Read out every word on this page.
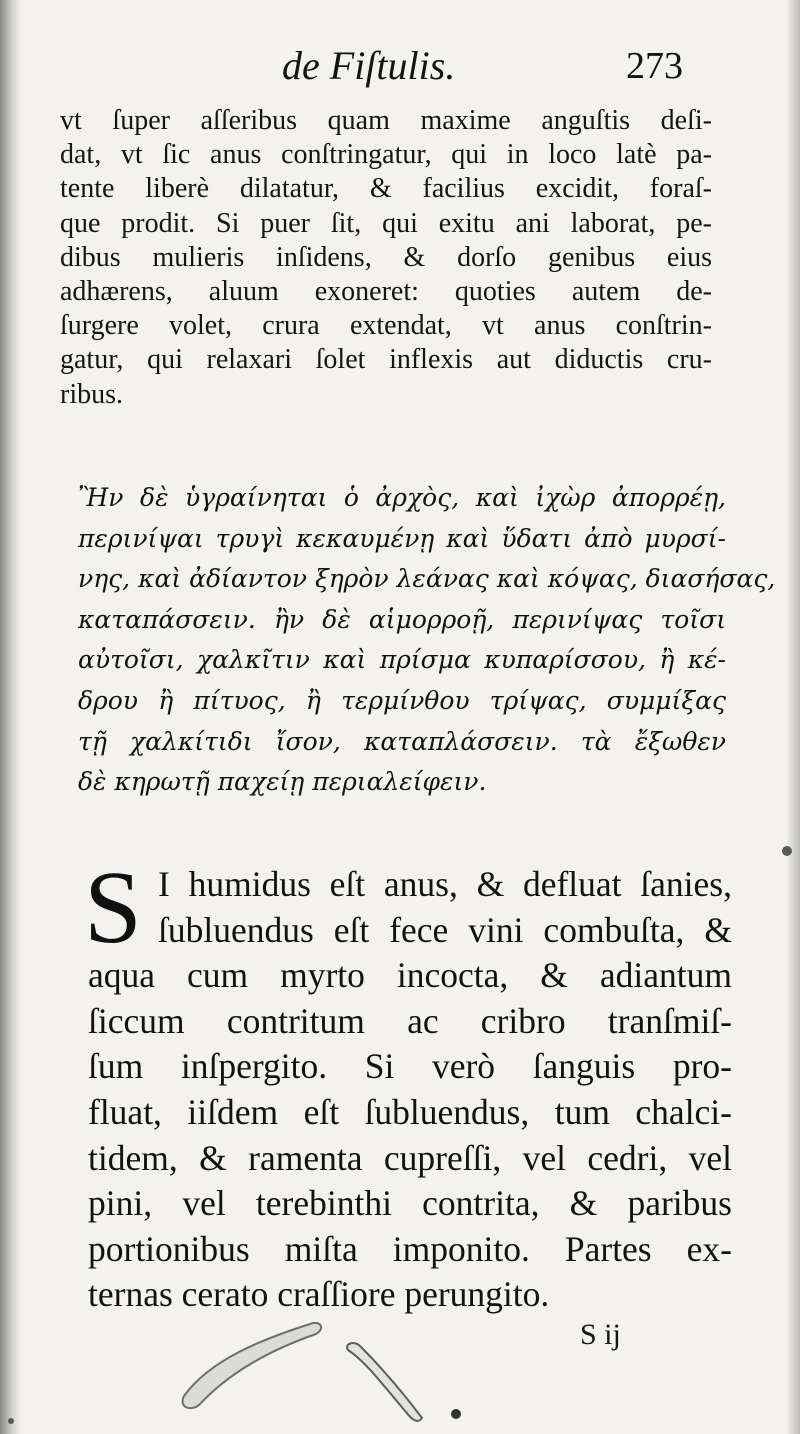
de Fiſtulis.	273
vt ſuper aſſeribus quam maxime anguſtis deſi-
dat, vt ſic anus conſtringatur, qui in loco latè pa-
tente liberè dilatatur, & facilius excidit, foraſ-
que prodit. Si puer ſit, qui exitu ani laborat, pe-
dibus mulieris inſidens, & dorſo genibus eius
adhærens, aluum exoneret: quoties autem de-
ſurgere volet, crura extendat, vt anus conſtrin-
gatur, qui relaxari ſolet inflexis aut diductis cru-
ribus.
Ἢν δὲ ὑγραίνηται ὁ ἀρχὸς, καὶ ἰχὼρ ἀπορρέῃ,
περινίψαι τρυγὶ κεκαυμένῃ καὶ ὕδατι ἀπὸ μυρσί-
νης, καὶ ἀδίαντον ξηρὸν λεάνας καὶ κόψας, διασήσας,
καταπάσσειν. ἢν δὲ αἱμορροῇ, περινίψας τοῖσι
αὐτοῖσι, χαλκῖτιν καὶ πρίσμα κυπαρίσσου, ἢ κέ-
δρου ἢ πίτυος, ἢ τερμίνθου τρίψας, συμμίξας
τῇ χαλκίτιδι ἴσον, καταπλάσσειν. τὰ ἔξωθεν
δὲ κηρωτῇ παχείῃ περιαλείφειν.
S I humidus eſt anus, & defluat ſanies,
ſubluendus eſt fece vini combuſta, &
aqua cum myrto incocta, & adiantum
ſiccum contritum ac cribro tranſmiſ-
ſum inſpergito. Si verò ſanguis pro-
fluat, iiſdem eſt ſubluendus, tum chalci-
tidem, & ramenta cupreſſi, vel cedri, vel
pini, vel terebinthi contrita, & paribus
portionibus miſta imponito. Partes ex-
ternas cerato craſſiore perungito.
S ij
